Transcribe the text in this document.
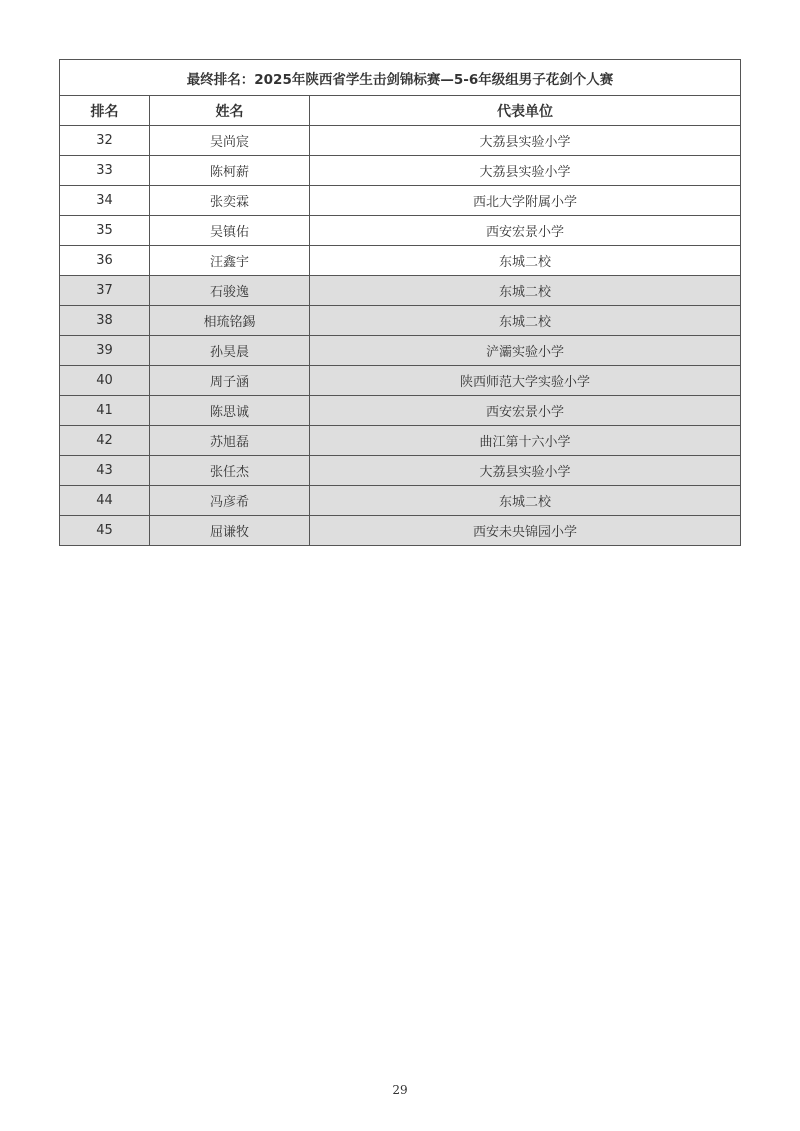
最终排名：2025年陕西省学生击剑锦标赛—5-6年级组男子花剑个人赛		
排名	姓名	代表单位
32	吴尚宸	大荔县实验小学
33	陈柯薪	大荔县实验小学
34	张奕霖	西北大学附属小学
35	吴镇佑	西安宏景小学
36	汪鑫宇	东城二校
37	石骏逸	东城二校
38	相琉铭錫	东城二校
39	孙昊晨	浐灞实验小学
40	周子涵	陕西师范大学实验小学
41	陈思诚	西安宏景小学
42	苏旭磊	曲江第十六小学
43	张任杰	大荔县实验小学
44	冯彦希	东城二校
45	屈谦牧	西安未央锦园小学
29
